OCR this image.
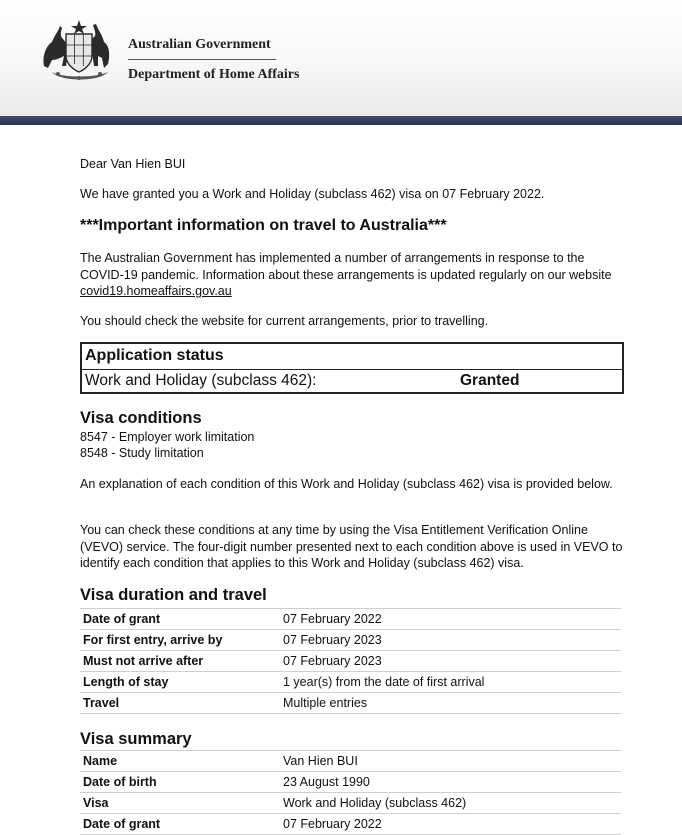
Australian Government
Department of Home Affairs

Dear Van Hien BUI

We have granted you a Work and Holiday (subclass 462) visa on 07 February 2022.

***Important information on travel to Australia***

The Australian Government has implemented a number of arrangements in response to the COVID-19 pandemic. Information about these arrangements is updated regularly on our website covid19.homeaffairs.gov.au

You should check the website for current arrangements, prior to travelling.

Application status
Work and Holiday (subclass 462):	Granted
Visa conditions
8547 - Employer work limitation
8548 - Study limitation

An explanation of each condition of this Work and Holiday (subclass 462) visa is provided below.

You can check these conditions at any time by using the Visa Entitlement Verification Online (VEVO) service. The four-digit number presented next to each condition above is used in VEVO to identify each condition that applies to this Work and Holiday (subclass 462) visa.

Visa duration and travel
Date of grant	07 February 2022
For first entry, arrive by	07 February 2023
Must not arrive after	07 February 2023
Length of stay	1 year(s) from the date of first arrival
Travel	Multiple entries
Visa summary
Name	Van Hien BUI
Date of birth	23 August 1990
Visa	Work and Holiday (subclass 462)
Date of grant	07 February 2022
